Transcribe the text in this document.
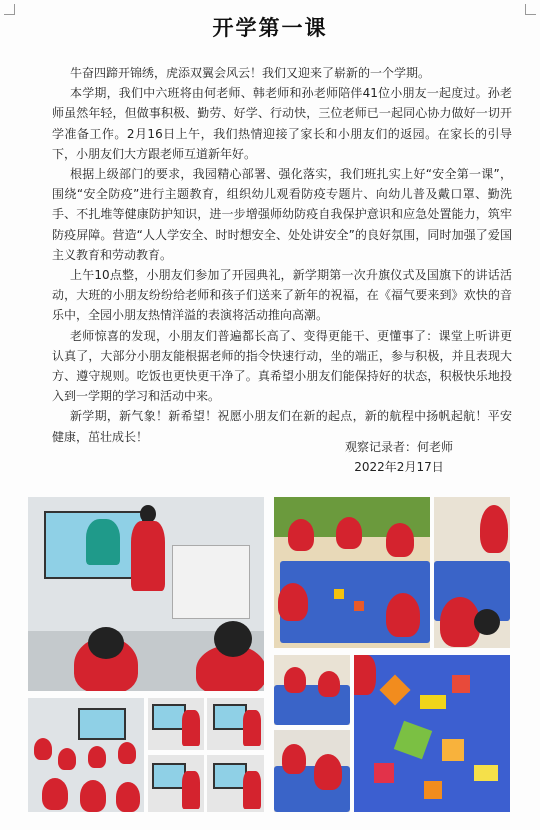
开学第一课

牛奋四蹄开锦绣，虎添双翼会风云！我们又迎来了崭新的一个学期。

本学期，我们中六班将由何老师、韩老师和孙老师陪伴41位小朋友一起度过。孙老师虽然年轻，但做事积极、勤劳、好学、行动快，三位老师已一起同心协力做好一切开学准备工作。2月16日上午，我们热情迎接了家长和小朋友们的返园。在家长的引导下，小朋友们大方跟老师互道新年好。

根据上级部门的要求，我园精心部署、强化落实，我们班扎实上好“安全第一课”，围绕“安全防疫”进行主题教育，组织幼儿观看防疫专题片、向幼儿普及戴口罩、勤洗手、不扎堆等健康防护知识，进一步增强师幼防疫自我保护意识和应急处置能力，筑牢防疫屏障。营造“人人学安全、时时想安全、处处讲安全”的良好氛围，同时加强了爱国主义教育和劳动教育。

上午10点整，小朋友们参加了开园典礼，新学期第一次升旗仪式及国旗下的讲话活动，大班的小朋友纷纷给老师和孩子们送来了新年的祝福，在《福气要来到》欢快的音乐中，全园小朋友热情洋溢的表演将活动推向高潮。

老师惊喜的发现，小朋友们普遍都长高了、变得更能干、更懂事了：课堂上听讲更认真了，大部分小朋友能根据老师的指令快速行动，坐的端正，参与积极，并且表现大方、遵守规则。吃饭也更快更干净了。真希望小朋友们能保持好的状态，积极快乐地投入到一学期的学习和活动中来。

新学期，新气象！新希望！祝愿小朋友们在新的起点，新的航程中扬帆起航！平安健康，茁壮成长！

观察记录者：何老师
2022年2月17日
